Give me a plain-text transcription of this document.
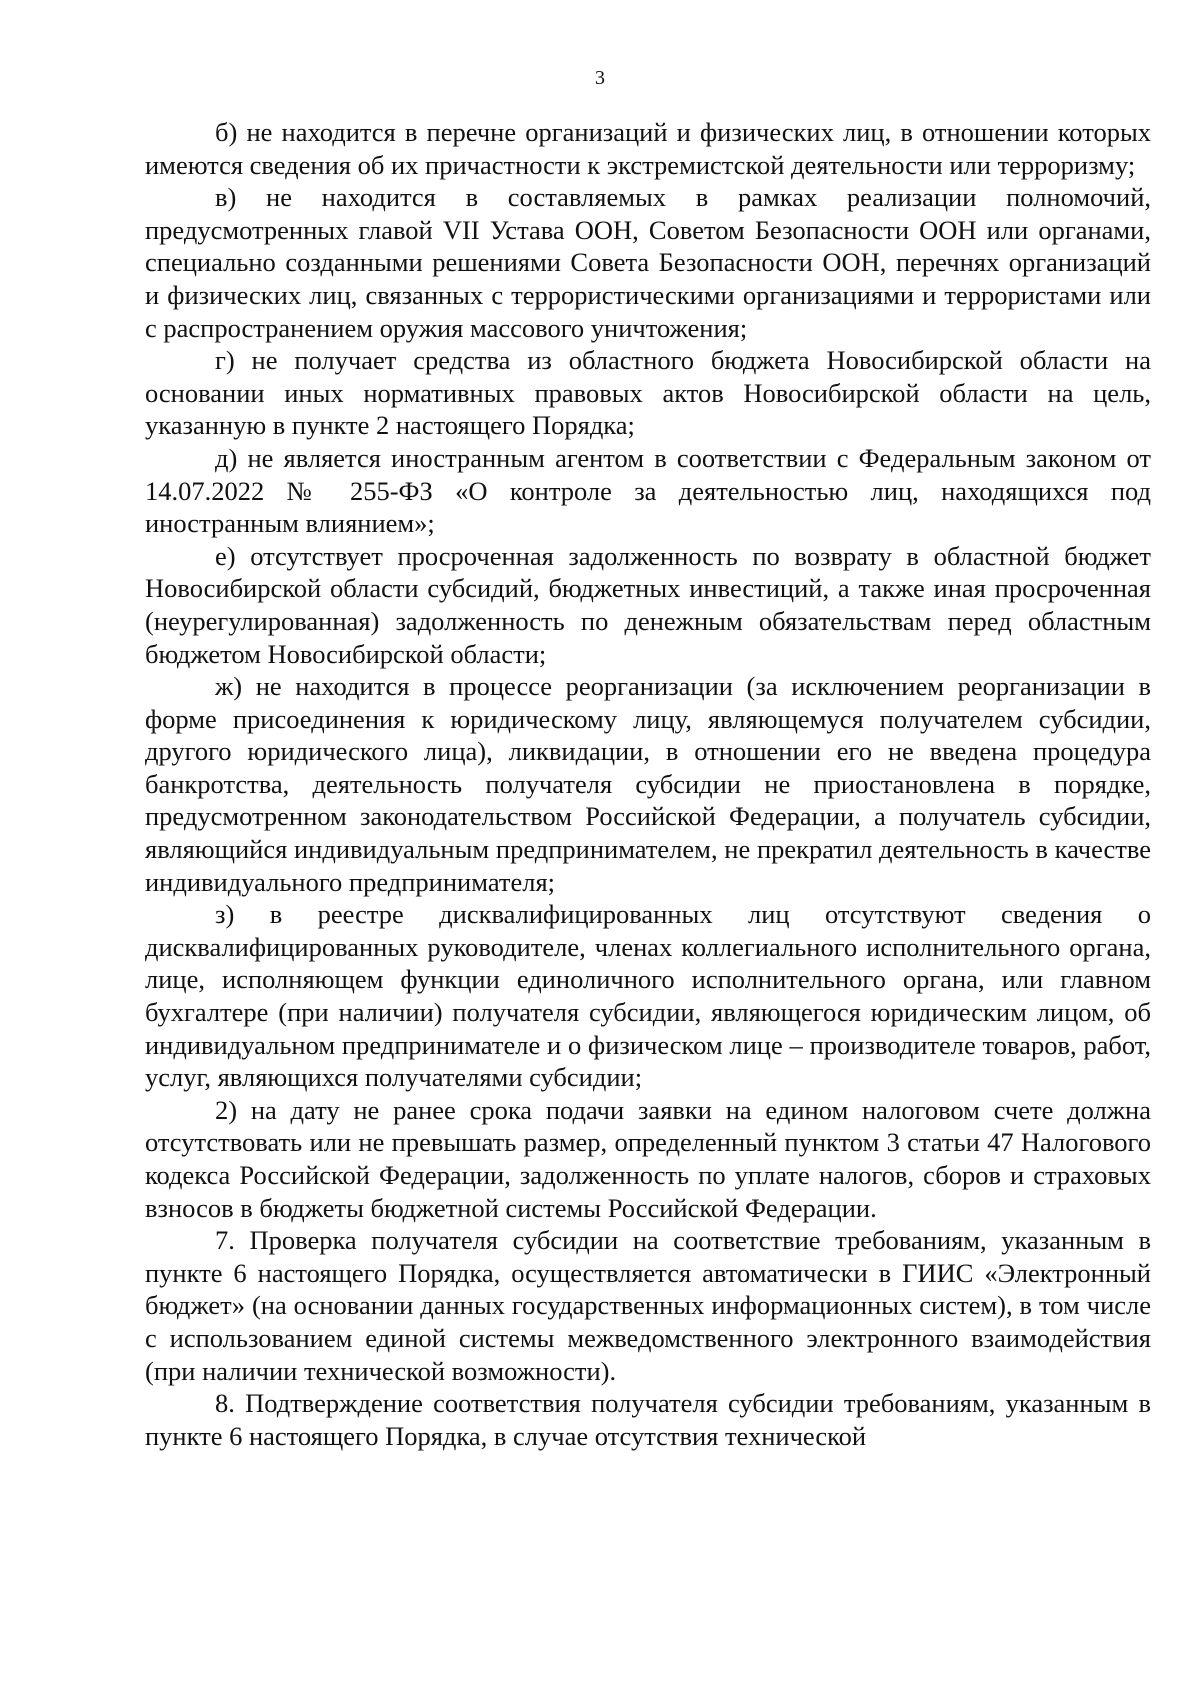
3

б) не находится в перечне организаций и физических лиц, в отношении которых имеются сведения об их причастности к экстремистской деятельности или терроризму;

в) не находится в составляемых в рамках реализации полномочий, предусмотренных главой VII Устава ООН, Советом Безопасности ООН или органами, специально созданными решениями Совета Безопасности ООН, перечнях организаций и физических лиц, связанных с террористическими организациями и террористами или с распространением оружия массового уничтожения;

г) не получает средства из областного бюджета Новосибирской области на основании иных нормативных правовых актов Новосибирской области на цель, указанную в пункте 2 настоящего Порядка;

д) не является иностранным агентом в соответствии с Федеральным законом от 14.07.2022 № 255-ФЗ «О контроле за деятельностью лиц, находящихся под иностранным влиянием»;

е) отсутствует просроченная задолженность по возврату в областной бюджет Новосибирской области субсидий, бюджетных инвестиций, а также иная просроченная (неурегулированная) задолженность по денежным обязательствам перед областным бюджетом Новосибирской области;

ж) не находится в процессе реорганизации (за исключением реорганизации в форме присоединения к юридическому лицу, являющемуся получателем субсидии, другого юридического лица), ликвидации, в отношении его не введена процедура банкротства, деятельность получателя субсидии не приостановлена в порядке, предусмотренном законодательством Российской Федерации, а получатель субсидии, являющийся индивидуальным предпринимателем, не прекратил деятельность в качестве индивидуального предпринимателя;

з) в реестре дисквалифицированных лиц отсутствуют сведения о дисквалифицированных руководителе, членах коллегиального исполнительного органа, лице, исполняющем функции единоличного исполнительного органа, или главном бухгалтере (при наличии) получателя субсидии, являющегося юридическим лицом, об индивидуальном предпринимателе и о физическом лице – производителе товаров, работ, услуг, являющихся получателями субсидии;

2) на дату не ранее срока подачи заявки на едином налоговом счете должна отсутствовать или не превышать размер, определенный пунктом 3 статьи 47 Налогового кодекса Российской Федерации, задолженность по уплате налогов, сборов и страховых взносов в бюджеты бюджетной системы Российской Федерации.

7. Проверка получателя субсидии на соответствие требованиям, указанным в пункте 6 настоящего Порядка, осуществляется автоматически в ГИИС «Электронный бюджет» (на основании данных государственных информационных систем), в том числе с использованием единой системы межведомственного электронного взаимодействия (при наличии технической возможности).

8. Подтверждение соответствия получателя субсидии требованиям, указанным в пункте 6 настоящего Порядка, в случае отсутствия технической
